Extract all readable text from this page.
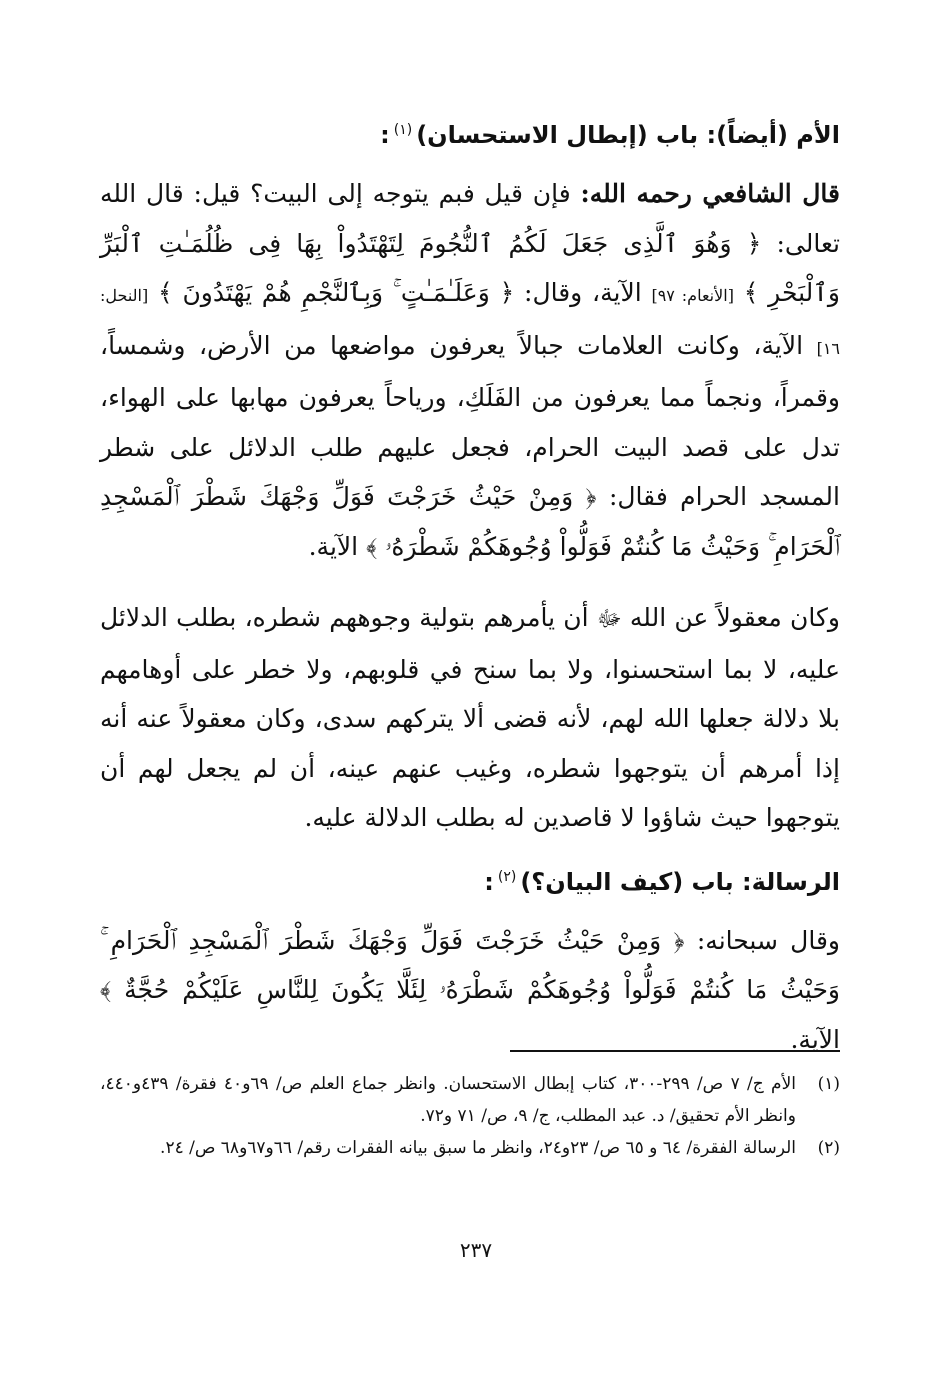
الأم (أيضاً): باب (إبطال الاستحسان)$^{(١)}$:

قال الشافعي رحمه الله: فإن قيل فبم يتوجه إلى البيت؟ قيل: قال الله تعالى: ﴿ وَهُوَ ٱلَّذِى جَعَلَ لَكُمُ ٱلنُّجُومَ لِتَهْتَدُواْ بِهَا فِى ظُلُمَـٰتِ ٱلْبَرِّ وَٱلْبَحْرِ ﴾ [الأنعام: ٩٧] الآية، وقال: ﴿ وَعَلَـٰمَـٰتٍ ۚ وَبِٱلنَّجْمِ هُمْ يَهْتَدُونَ ﴾ [النحل: ١٦] الآية، وكانت العلامات جبالاً يعرفون مواضعها من الأرض، وشمساً، وقمراً، ونجماً مما يعرفون من الفَلَكِ، ورياحاً يعرفون مهابها على الهواء، تدل على قصد البيت الحرام، فجعل عليهم طلب الدلائل على شطر المسجد الحرام فقال: ﴿ وَمِنْ حَيْثُ خَرَجْتَ فَوَلِّ وَجْهَكَ شَطْرَ ٱلْمَسْجِدِ ٱلْحَرَامِ ۚ وَحَيْثُ مَا كُنتُمْ فَوَلُّواْ وُجُوهَكُمْ شَطْرَهُۥ ﴾ الآية.

وكان معقولاً عن الله ﷻ أن يأمرهم بتولية وجوههم شطره، بطلب الدلائل عليه، لا بما استحسنوا، ولا بما سنح في قلوبهم، ولا خطر على أوهامهم بلا دلالة جعلها الله لهم، لأنه قضى ألا يتركهم سدى، وكان معقولاً عنه أنه إذا أمرهم أن يتوجهوا شطره، وغيب عنهم عينه، أن لم يجعل لهم أن يتوجهوا حيث شاؤوا لا قاصدين له بطلب الدلالة عليه.

الرسالة: باب (كيف البيان؟)$^{(٢)}$:

وقال سبحانه: ﴿ وَمِنْ حَيْثُ خَرَجْتَ فَوَلِّ وَجْهَكَ شَطْرَ ٱلْمَسْجِدِ ٱلْحَرَامِ ۚ وَحَيْثُ مَا كُنتُمْ فَوَلُّواْ وُجُوهَكُمْ شَطْرَهُۥ لِئَلَّا يَكُونَ لِلنَّاسِ عَلَيْكُمْ حُجَّةٌ ﴾ الآية.

(١)
الأم ج/ ٧ ص/ ٢٩٩-٣٠٠، كتاب إبطال الاستحسان. وانظر جماع العلم ص/ ٦٩و٤٠ فقرة/ ٤٣٩و٤٤٠، وانظر الأم تحقيق/ د. عبد المطلب، ج/ ٩، ص/ ٧١ و٧٢.
(٢)
الرسالة الفقرة/ ٦٤ و ٦٥ ص/ ٢٣و٢٤، وانظر ما سبق بيانه الفقرات رقم/ ٦٦و٦٧و٦٨ ص/ ٢٤.
٢٣٧
